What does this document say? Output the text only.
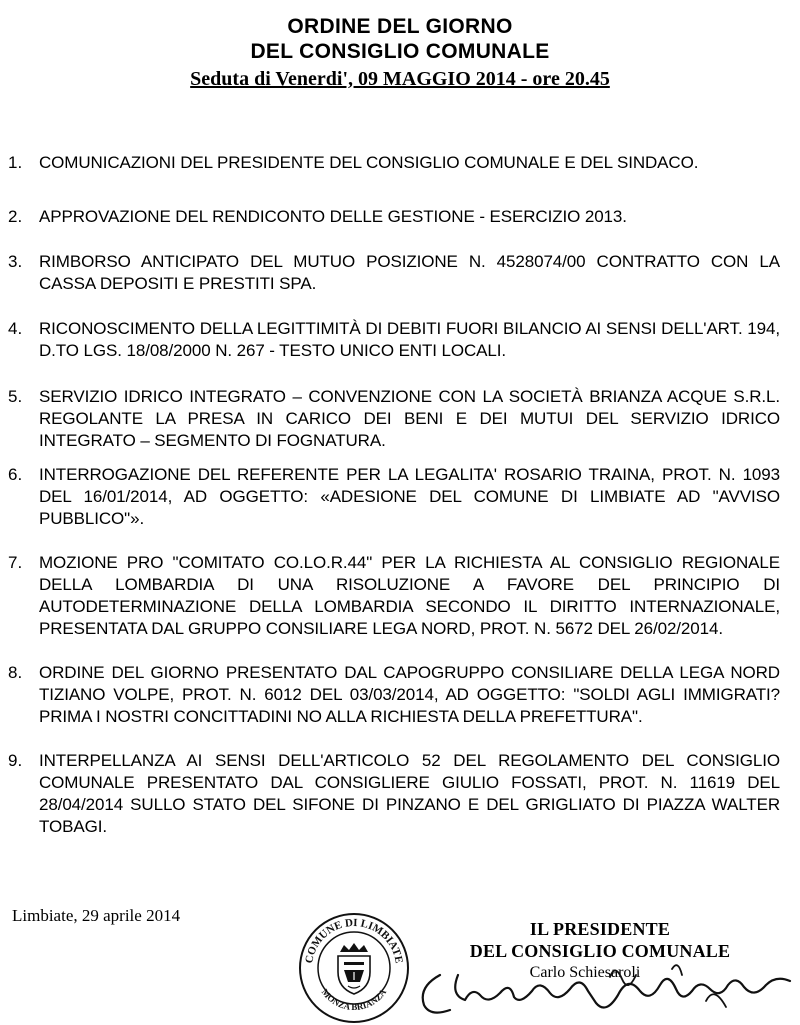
ORDINE DEL GIORNO
DEL CONSIGLIO COMUNALE
Seduta di Venerdi', 09 MAGGIO 2014 - ore 20.45
1. COMUNICAZIONI DEL PRESIDENTE DEL CONSIGLIO COMUNALE E DEL SINDACO.
2. APPROVAZIONE DEL RENDICONTO DELLE GESTIONE - ESERCIZIO 2013.
3. RIMBORSO ANTICIPATO DEL MUTUO POSIZIONE N. 4528074/00 CONTRATTO CON LA CASSA DEPOSITI E PRESTITI SPA.
4. RICONOSCIMENTO DELLA LEGITTIMITÀ DI DEBITI FUORI BILANCIO AI SENSI DELL'ART. 194, D.TO LGS. 18/08/2000 N. 267 - TESTO UNICO ENTI LOCALI.
5. SERVIZIO IDRICO INTEGRATO – CONVENZIONE CON LA SOCIETÀ BRIANZA ACQUE S.R.L. REGOLANTE LA PRESA IN CARICO DEI BENI E DEI MUTUI DEL SERVIZIO IDRICO INTEGRATO – SEGMENTO DI FOGNATURA.
6. INTERROGAZIONE DEL REFERENTE PER LA LEGALITA' ROSARIO TRAINA, PROT. N. 1093 DEL 16/01/2014, AD OGGETTO: «ADESIONE DEL COMUNE DI LIMBIATE AD "AVVISO PUBBLICO"».
7. MOZIONE PRO "COMITATO CO.LO.R.44" PER LA RICHIESTA AL CONSIGLIO REGIONALE DELLA LOMBARDIA DI UNA RISOLUZIONE A FAVORE DEL PRINCIPIO DI AUTODETERMINAZIONE DELLA LOMBARDIA SECONDO IL DIRITTO INTERNAZIONALE, PRESENTATA DAL GRUPPO CONSILIARE LEGA NORD, PROT. N. 5672 DEL 26/02/2014.
8. ORDINE DEL GIORNO PRESENTATO DAL CAPOGRUPPO CONSILIARE DELLA LEGA NORD TIZIANO VOLPE, PROT. N. 6012 DEL 03/03/2014, AD OGGETTO: "SOLDI AGLI IMMIGRATI? PRIMA I NOSTRI CONCITTADINI NO ALLA RICHIESTA DELLA PREFETTURA".
9. INTERPELLANZA AI SENSI DELL'ARTICOLO 52 DEL REGOLAMENTO DEL CONSIGLIO COMUNALE PRESENTATO DAL CONSIGLIERE GIULIO FOSSATI, PROT. N. 11619 DEL 28/04/2014 SULLO STATO DEL SIFONE DI PINZANO E DEL GRIGLIATO DI PIAZZA WALTER TOBAGI.
Limbiate, 29 aprile 2014
COMUNE DI LIMBIATE
MONZA BRIANZA
IL PRESIDENTE
DEL CONSIGLIO COMUNALE
Carlo Schiesaroli
